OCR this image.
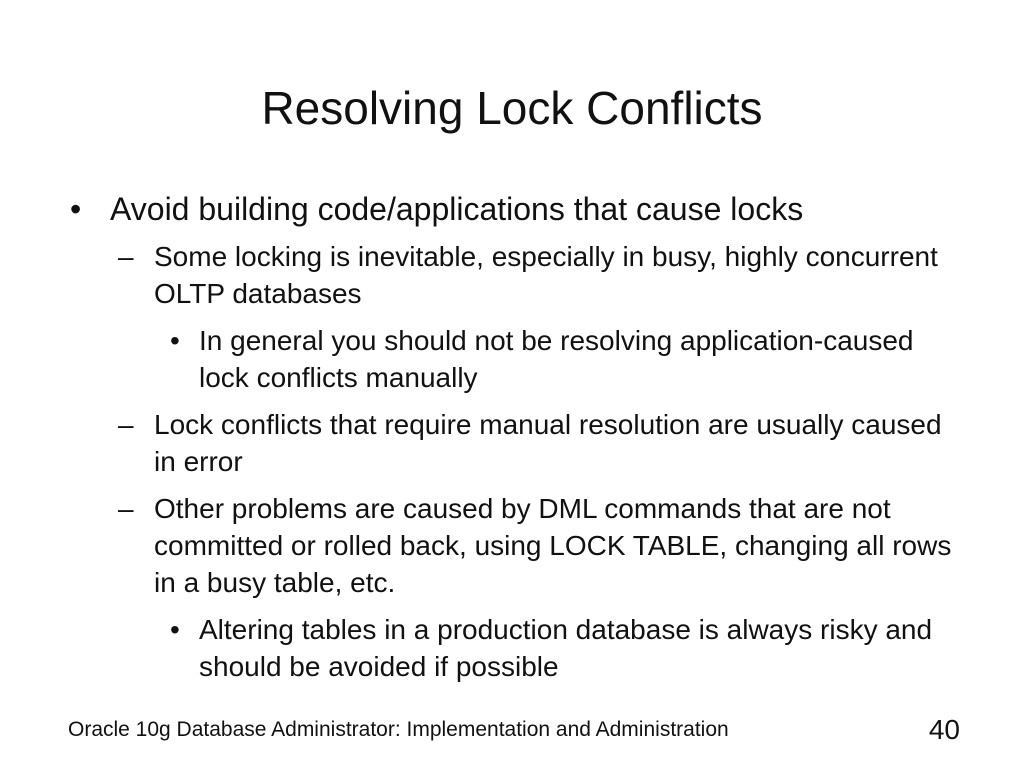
Resolving Lock Conflicts

• Avoid building code/applications that cause locks

– Some locking is inevitable, especially in busy, highly concurrent OLTP databases

• In general you should not be resolving application-caused lock conflicts manually

– Lock conflicts that require manual resolution are usually caused in error

– Other problems are caused by DML commands that are not committed or rolled back, using LOCK TABLE, changing all rows in a busy table, etc.

• Altering tables in a production database is always risky and should be avoided if possible

Oracle 10g Database Administrator: Implementation and Administration	40
